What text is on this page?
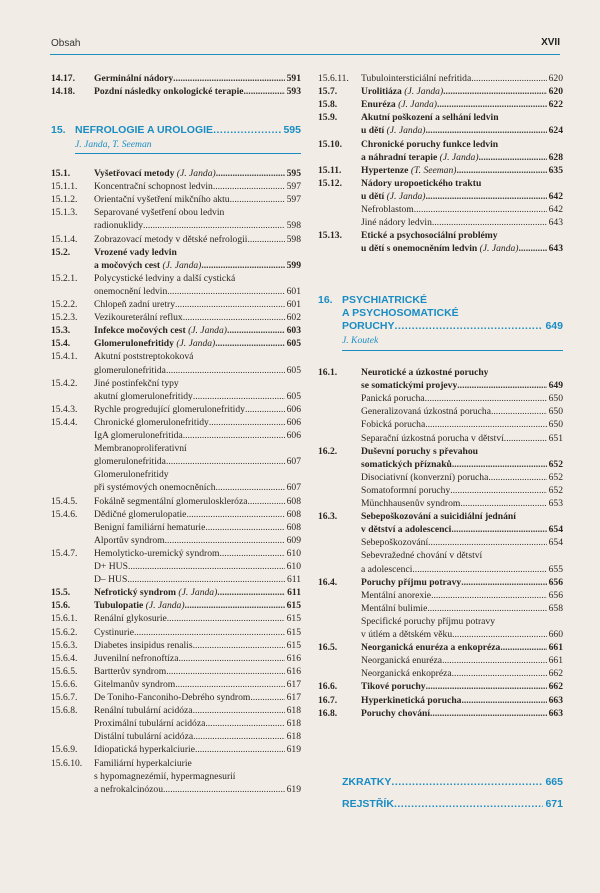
Obsah	XVII
14.17.	Germinální nádory . . .	591
14.18.	Pozdní následky onkologické terapie . . .	593
15. NEFROLOGIE A UROLOGIE . . .	595
J. Janda, T. Seeman
15.1.	Vyšetřovací metody (J. Janda) . . .	595
15.1.1.	Koncentrační schopnost ledvin . . .	597
15.1.2.	Orientační vyšetření mikčního aktu . . .	597
15.1.3.	Separované vyšetření obou ledvin
radionuklidy . . .	598
15.1.4.	Zobrazovací metody v dětské nefrologii . . .	598
15.2.	Vrozené vady ledvin
a močových cest (J. Janda) . . .	599
15.2.1.	Polycystické ledviny a další cystická
onemocnění ledvin . . .	601
15.2.2.	Chlopeň zadní uretry . . .	601
15.2.3.	Vezikoureterální reflux . . .	602
15.3.	Infekce močových cest (J. Janda) . . .	603
15.4.	Glomerulonefritidy (J. Janda) . . .	605
15.4.1.	Akutní poststreptokoková
glomerulonefritida . . .	605
15.4.2.	Jiné postinfekční typy
akutní glomerulonefritidy . . .	605
15.4.3.	Rychle progredující glomerulonefritidy . . .	606
15.4.4.	Chronické glomerulonefritidy . . .	606
IgA glomerulonefritida . . .	606
Membranoproliferativní
glomerulonefritida . . .	607
Glomerulonefritidy
při systémových onemocněních . . .	607
15.4.5.	Fokálně segmentální glomeruloskleróza . . .	608
15.4.6.	Dědičné glomerulopatie . . .	608
Benigní familiární hematurie . . .	608
Alportův syndrom . . .	609
15.4.7.	Hemolyticko-uremický syndrom . . .	610
D+ HUS . . .	610
D– HUS . . .	611
15.5.	Nefrotický syndrom (J. Janda) . . .	611
15.6.	Tubulopatie (J. Janda) . . .	615
15.6.1.	Renální glykosurie . . .	615
15.6.2.	Cystinurie . . .	615
15.6.3.	Diabetes insipidus renalis . . .	615
15.6.4.	Juvenilní nefronoftíza . . .	616
15.6.5.	Bartterův syndrom . . .	616
15.6.6.	Gitelmanův syndrom . . .	617
15.6.7.	De Toniho-Fanconiho-Debrého syndrom . . .	617
15.6.8.	Renální tubulární acidóza . . .	618
Proximální tubulární acidóza . . .	618
Distální tubulární acidóza . . .	618
15.6.9.	Idiopatická hyperkalciurie . . .	619
15.6.10.	Familiární hyperkalciurie
s hypomagnezémií, hypermagnesurií
a nefrokalcinózou . . .	619
15.6.11.	Tubulointersticiální nefritida . . .	620
15.7.	Urolitiáza (J. Janda) . . .	620
15.8.	Enuréza (J. Janda) . . .	622
15.9.	Akutní poškození a selhání ledvin
u dětí (J. Janda) . . .	624
15.10.	Chronické poruchy funkce ledvin
a náhradní terapie (J. Janda) . . .	628
15.11.	Hypertenze (T. Seeman) . . .	635
15.12.	Nádory uropoetického traktu
u dětí (J. Janda) . . .	642
Nefroblastom . . .	642
Jiné nádory ledvin . . .	643
15.13.	Etické a psychosociální problémy
u dětí s onemocněním ledvin (J. Janda) . . .	643
16. PSYCHIATRICKÉ
A PSYCHOSOMATICKÉ
PORUCHY . . .	649
J. Koutek
16.1.	Neurotické a úzkostné poruchy
se somatickými projevy . . .	649
Panická porucha . . .	650
Generalizovaná úzkostná porucha . . .	650
Fobická porucha . . .	650
Separační úzkostná porucha v dětství . . .	651
16.2.	Duševní poruchy s převahou
somatických příznaků . . .	652
Disociativní (konverzní) porucha . . .	652
Somatoformní poruchy . . .	652
Münchhausenův syndrom . . .	653
16.3.	Sebepoškozování a suicidiální jednání
v dětství a adolescenci . . .	654
Sebepoškozování . . .	654
Sebevražedné chování v dětství
a adolescenci . . .	655
16.4.	Poruchy příjmu potravy . . .	656
Mentální anorexie . . .	656
Mentální bulimie . . .	658
Specifické poruchy příjmu potravy
v útlém a dětském věku . . .	660
16.5.	Neorganická enuréza a enkopréza . . .	661
Neorganická enuréza . . .	661
Neorganická enkopréza . . .	662
16.6.	Tikové poruchy . . .	662
16.7.	Hyperkinetická porucha . . .	663
16.8.	Poruchy chování . . .	663
ZKRATKY . . .	665
REJSTŘÍK . . .	671
